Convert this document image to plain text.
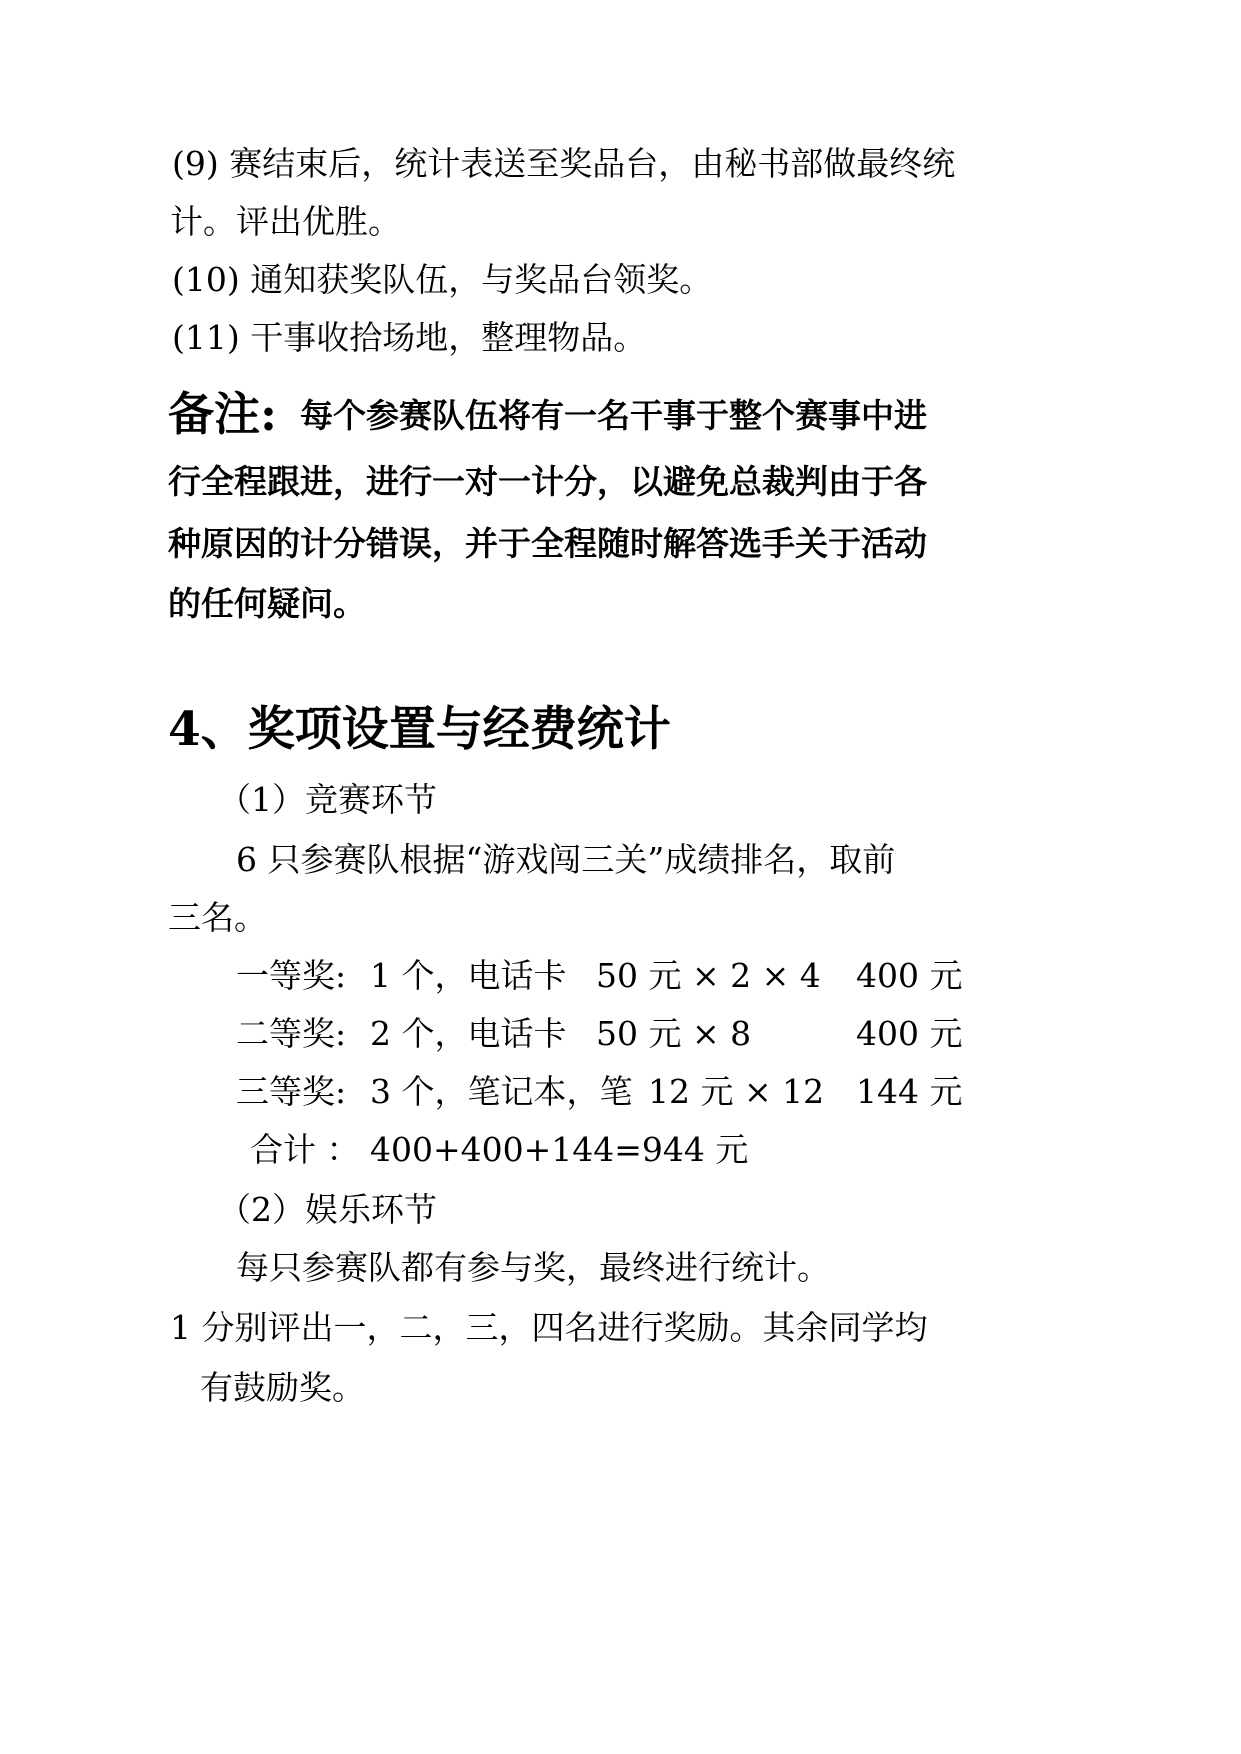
(9) 赛结束后，统计表送至奖品台，由秘书部做最终统
计。评出优胜。
(10) 通知获奖队伍，与奖品台领奖。
(11) 干事收拾场地，整理物品。
备注: 每个参赛队伍将有一名干事于整个赛事中进
行全程跟进，进行一对一计分，以避免总裁判由于各
种原因的计分错误，并于全程随时解答选手关于活动
的任何疑问。
4、奖项设置与经费统计
（1）竞赛环节
6 只参赛队根据“游戏闯三关”成绩排名，取前
三名。
一等奖: 1 个，电话卡 50 元 × 2 × 4 400 元
二等奖: 2 个，电话卡 50 元 × 8	400 元
三等奖: 3 个，笔记本，笔 12 元 × 12 144 元
合计 ： 400+400+144=944 元
（2）娱乐环节
每只参赛队都有参与奖，最终进行统计。
1 分别评出一，二，三，四名进行奖励。其余同学均
有鼓励奖。
